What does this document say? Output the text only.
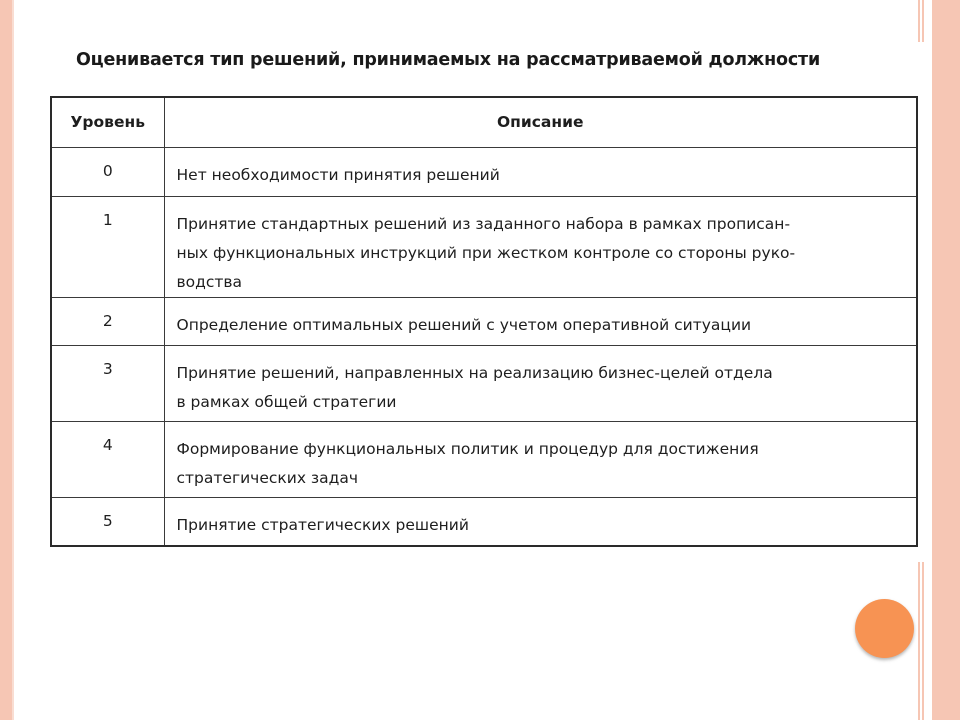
Оценивается тип решений, принимаемых на рассматриваемой должности
Уровень	Описание
0	Нет необходимости принятия решений

1	Принятие стандартных решений из заданного набора в рамках прописан-
ных функциональных инструкций при жестком контроле со стороны руко-
водства

2	Определение оптимальных решений с учетом оперативной ситуации

3	Принятие решений, направленных на реализацию бизнес-целей отдела
в рамках общей стратегии

4	Формирование функциональных политик и процедур для достижения
стратегических задач

5	Принятие стратегических решений
